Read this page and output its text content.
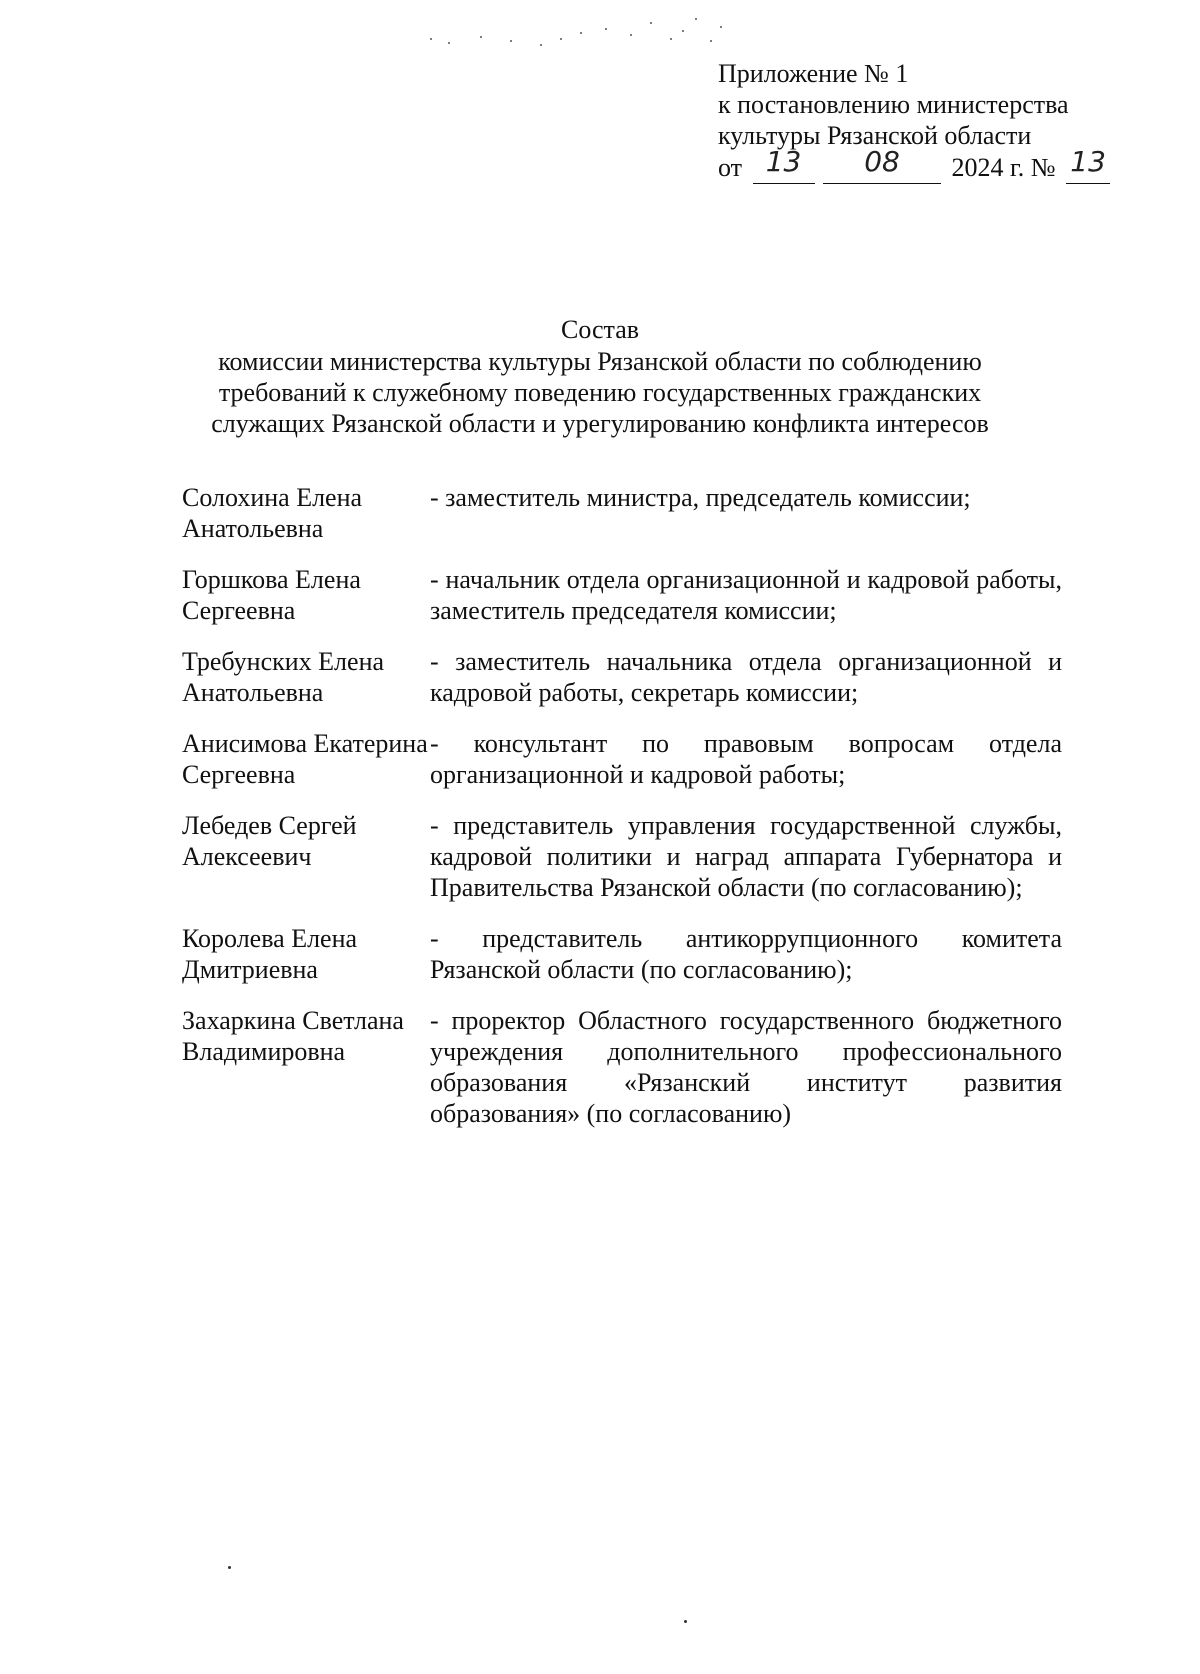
Приложение № 1
к постановлению министерства
культуры Рязанской области
от 13 08 2024 г. № 13
Состав
комиссии министерства культуры Рязанской области по соблюдению
требований к служебному поведению государственных гражданских
служащих Рязанской области и урегулированию конфликта интересов
Солохина Елена Анатольевна
- заместитель министра, председатель комиссии;
Горшкова Елена Сергеевна
- начальник отдела организационной и кадровой работы, заместитель председателя комиссии;
Требунских Елена Анатольевна
- заместитель начальника отдела организационной и кадровой работы, секретарь комиссии;
Анисимова Екатерина Сергеевна
- консультант по правовым вопросам отдела организационной и кадровой работы;
Лебедев Сергей Алексеевич
- представитель управления государственной службы, кадровой политики и наград аппарата Губернатора и Правительства Рязанской области (по согласованию);
Королева Елена Дмитриевна
- представитель антикоррупционного комитета Рязанской области (по согласованию);
Захаркина Светлана Владимировна
- проректор Областного государственного бюджетного учреждения дополнительного профессионального образования «Рязанский институт развития образования» (по согласованию)
